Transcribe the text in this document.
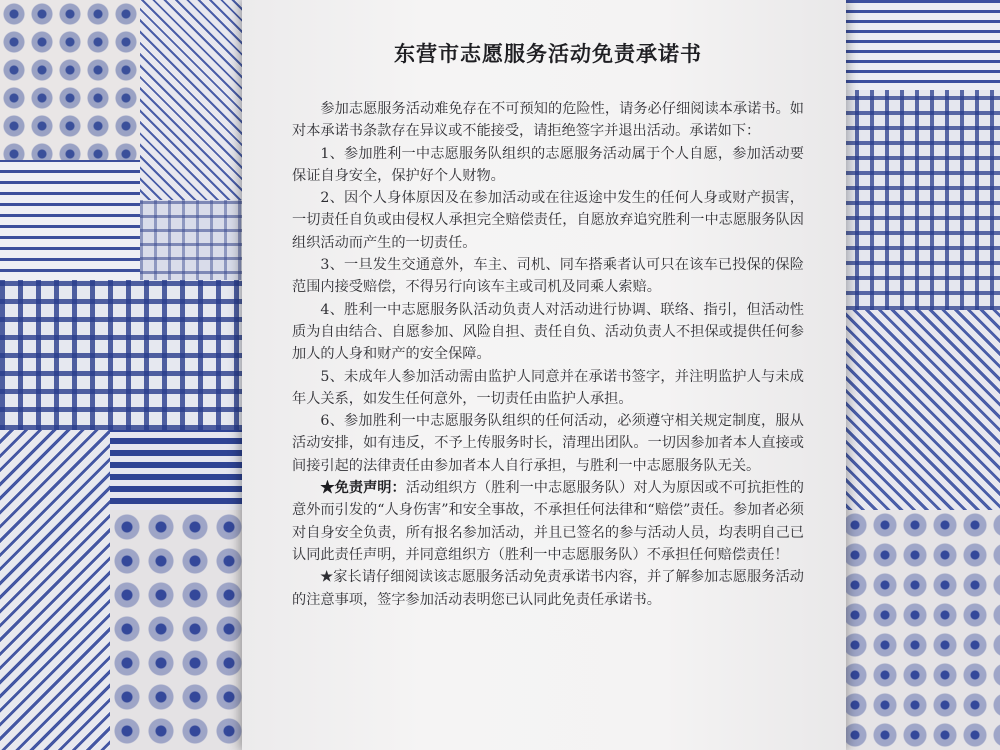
东营市志愿服务活动免责承诺书

参加志愿服务活动难免存在不可预知的危险性，请务必仔细阅读本承诺书。如对本承诺书条款存在异议或不能接受，请拒绝签字并退出活动。承诺如下：

1、参加胜利一中志愿服务队组织的志愿服务活动属于个人自愿，参加活动要保证自身安全，保护好个人财物。

2、因个人身体原因及在参加活动或在往返途中发生的任何人身或财产损害，一切责任自负或由侵权人承担完全赔偿责任，自愿放弃追究胜利一中志愿服务队因组织活动而产生的一切责任。

3、一旦发生交通意外，车主、司机、同车搭乘者认可只在该车已投保的保险范围内接受赔偿，不得另行向该车主或司机及同乘人索赔。

4、胜利一中志愿服务队活动负责人对活动进行协调、联络、指引，但活动性质为自由结合、自愿参加、风险自担、责任自负、活动负责人不担保或提供任何参加人的人身和财产的安全保障。

5、未成年人参加活动需由监护人同意并在承诺书签字，并注明监护人与未成年人关系，如发生任何意外，一切责任由监护人承担。

6、参加胜利一中志愿服务队组织的任何活动，必须遵守相关规定制度，服从活动安排，如有违反，不予上传服务时长，清理出团队。一切因参加者本人直接或间接引起的法律责任由参加者本人自行承担，与胜利一中志愿服务队无关。

★免责声明：活动组织方（胜利一中志愿服务队）对人为原因或不可抗拒性的意外而引发的“人身伤害”和安全事故，不承担任何法律和“赔偿”责任。参加者必须对自身安全负责，所有报名参加活动，并且已签名的参与活动人员，均表明自己已认同此责任声明，并同意组织方（胜利一中志愿服务队）不承担任何赔偿责任！

★家长请仔细阅读该志愿服务活动免责承诺书内容，并了解参加志愿服务活动的注意事项，签字参加活动表明您已认同此免责任承诺书。
